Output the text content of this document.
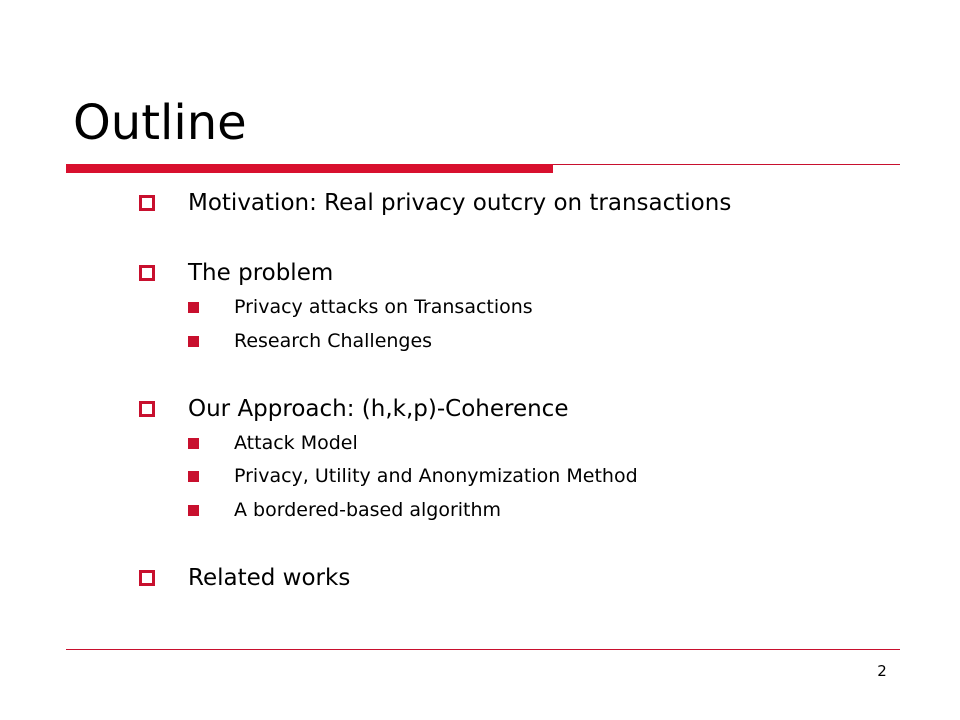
Outline
Motivation: Real privacy outcry on transactions
The problem
Privacy attacks on Transactions
Research Challenges
Our Approach: (h,k,p)-Coherence
Attack Model
Privacy, Utility and Anonymization Method
A bordered-based algorithm
Related works
2
